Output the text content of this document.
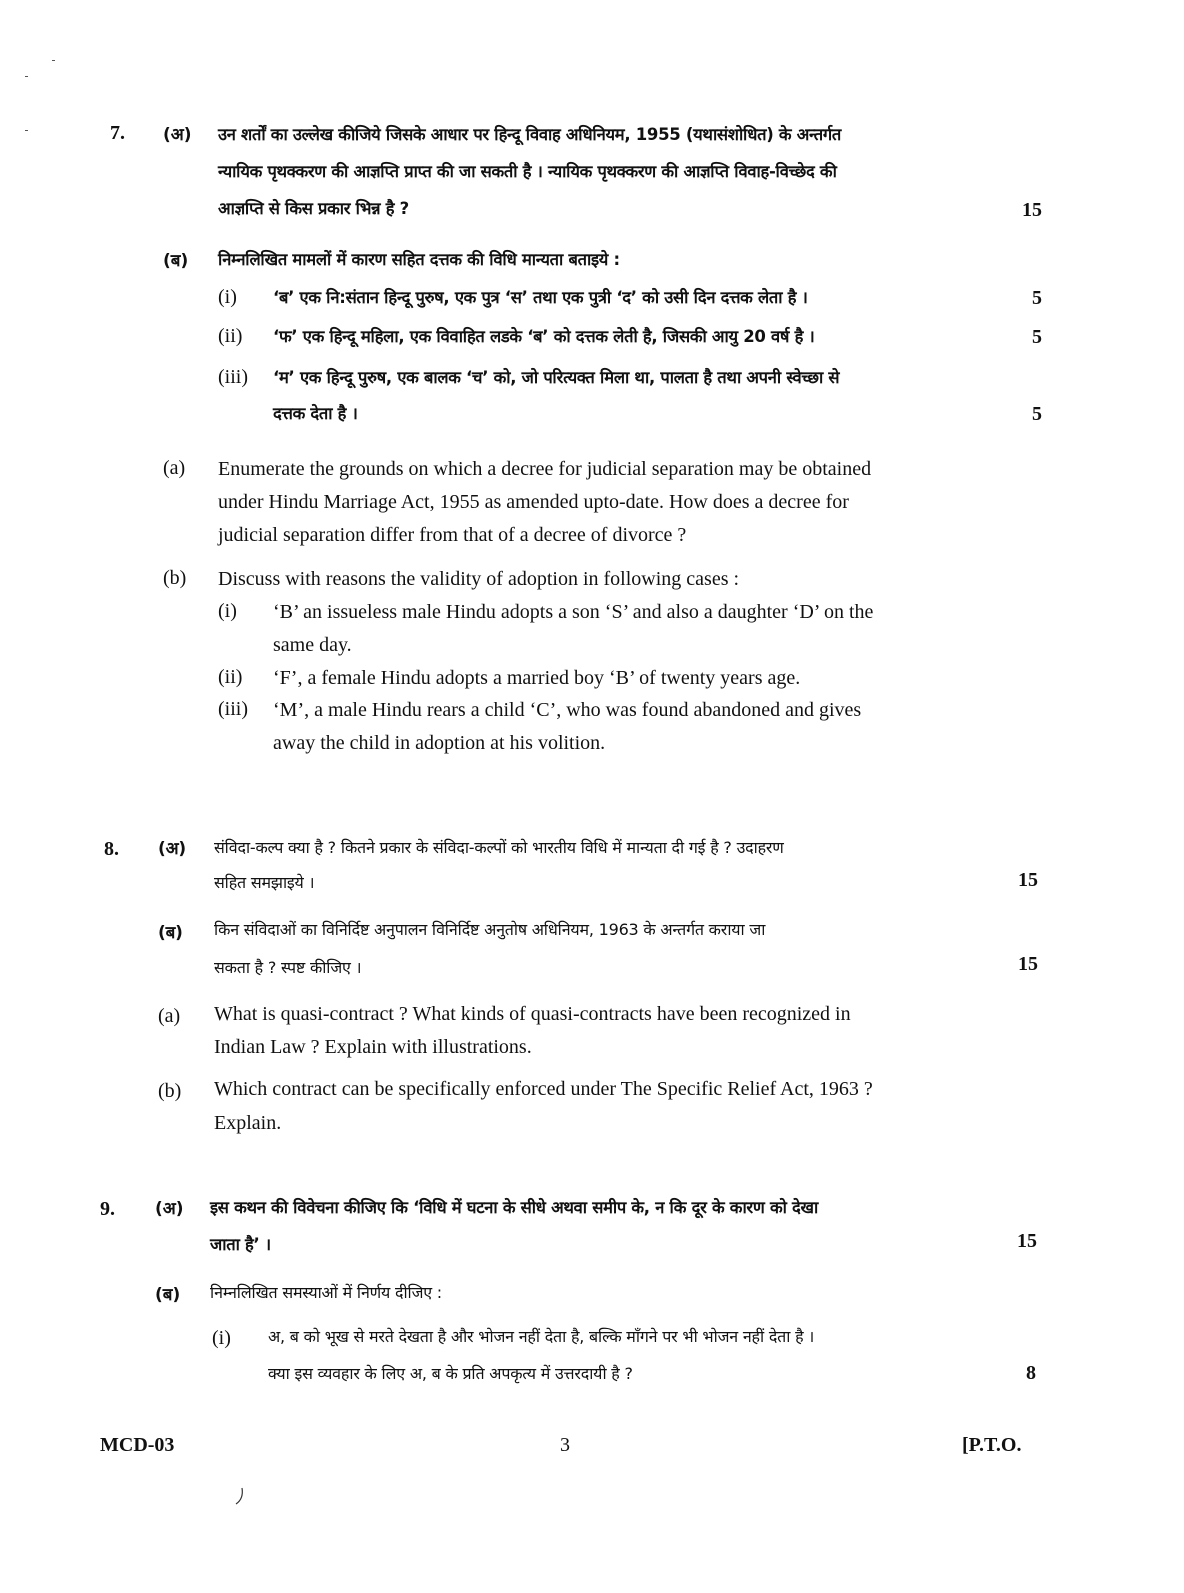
7. (अ) उन शर्तों का उल्लेख कीजिये जिसके आधार पर हिन्दू विवाह अधिनियम, 1955 (यथासंशोधित) के अन्तर्गत
न्यायिक पृथक्करण की आज्ञप्ति प्राप्त की जा सकती है । न्यायिक पृथक्करण की आज्ञप्ति विवाह-विच्छेद की
आज्ञप्ति से किस प्रकार भिन्न है ?	15
(ब) निम्नलिखित मामलों में कारण सहित दत्तक की विधि मान्यता बताइये :
(i) ‘ब’ एक नि:संतान हिन्दू पुरुष, एक पुत्र ‘स’ तथा एक पुत्री ‘द’ को उसी दिन दत्तक लेता है ।	5
(ii) ‘फ’ एक हिन्दू महिला, एक विवाहित लडके ‘ब’ को दत्तक लेती है, जिसकी आयु 20 वर्ष है ।	5
(iii) ‘म’ एक हिन्दू पुरुष, एक बालक ‘च’ को, जो परित्यक्त मिला था, पालता है तथा अपनी स्वेच्छा से
दत्तक देता है ।	5
(a) Enumerate the grounds on which a decree for judicial separation may be obtained
under Hindu Marriage Act, 1955 as amended upto-date. How does a decree for
judicial separation differ from that of a decree of divorce ?
(b) Discuss with reasons the validity of adoption in following cases :
(i) ‘B’ an issueless male Hindu adopts a son ‘S’ and also a daughter ‘D’ on the
same day.
(ii) ‘F’, a female Hindu adopts a married boy ‘B’ of twenty years age.
(iii) ‘M’, a male Hindu rears a child ‘C’, who was found abandoned and gives
away the child in adoption at his volition.
8. (अ) संविदा-कल्प क्या है ? कितने प्रकार के संविदा-कल्पों को भारतीय विधि में मान्यता दी गई है ? उदाहरण
सहित समझाइये ।	15
(ब) किन संविदाओं का विनिर्दिष्ट अनुपालन विनिर्दिष्ट अनुतोष अधिनियम, 1963 के अन्तर्गत कराया जा
सकता है ? स्पष्ट कीजिए ।	15
(a) What is quasi-contract ? What kinds of quasi-contracts have been recognized in
Indian Law ? Explain with illustrations.
(b) Which contract can be specifically enforced under The Specific Relief Act, 1963 ?
Explain.
9. (अ) इस कथन की विवेचना कीजिए कि ‘विधि में घटना के सीधे अथवा समीप के, न कि दूर के कारण को देखा
जाता है’ ।	15
(ब) निम्नलिखित समस्याओं में निर्णय दीजिए :
(i) अ, ब को भूख से मरते देखता है और भोजन नहीं देता है, बल्कि माँगने पर भी भोजन नहीं देता है ।
क्या इस व्यवहार के लिए अ, ब के प्रति अपकृत्य में उत्तरदायी है ?	8
MCD-03	3	[P.T.O.
